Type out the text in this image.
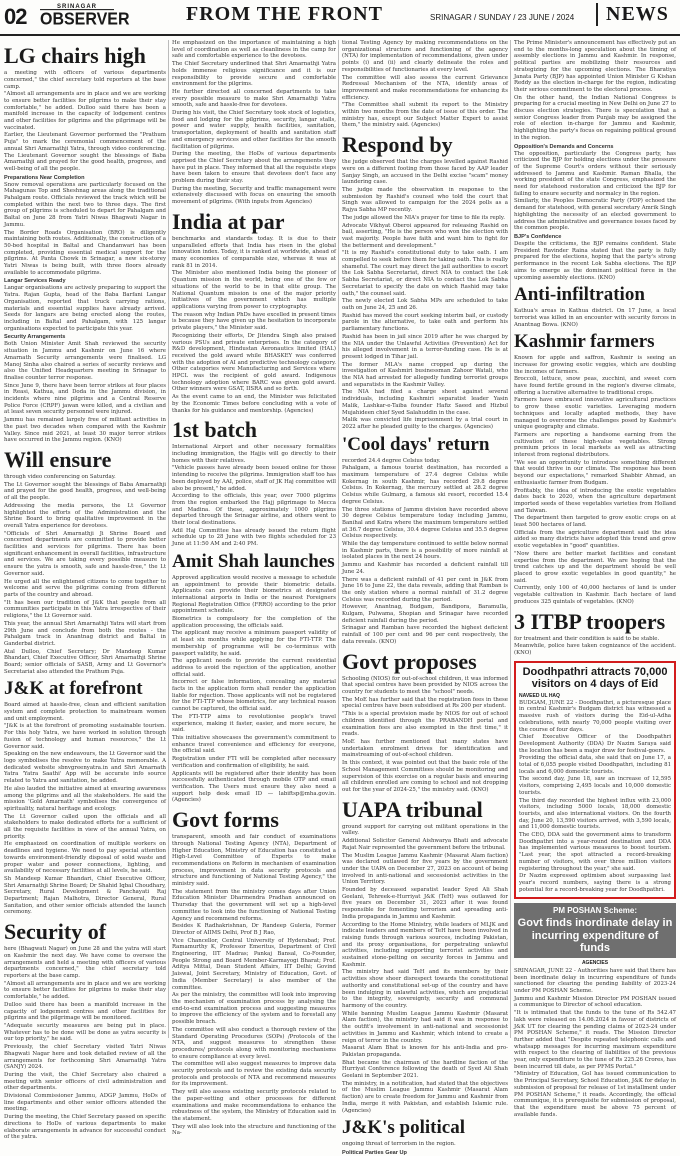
02	SRINAGAR
OBSERVER	FROM THE FRONT	SRINAGAR / SUNDAY / 23 JUNE / 2024	NEWS
LG chairs high

a meeting with officers of various departments concerned," the chief secretary told reporters at the base camp.

"Almost all arrangements are in place and we are working to ensure better facilities for pilgrims to make their stay comfortable," he added. Dulloo said there has been a manifold increase in the capacity of lodgement centres and other facilities for pilgrims and the pilgrimage will be vaccinated.

Earlier, the Lieutenant Governor performed the "Prathum Puja" to mark the ceremonial commencement of the annual Shri Amarnathji Yatra, through video conferencing. The Lieutenant Governor sought the blessings of Baba Amarnathji and prayed for the good health, progress, and well-being of all the people.

Preparations Near Completion

Snow removal operations are particularly focused on the Mahagunas Top and Sheshnag areas along the traditional Pahalgam route. Officials reviewed the track which will be completed within the next two to three days. The first group of pilgrims is scheduled to depart for Pahalgam and Baltal on June 28 from Yatri Niwas Bhagwati Nagar in Jammu.

The Border Roads Organisation (BRO) is diligently maintaining both routes. Additionally, the construction of a 50-bed hospital in Baltal and Chandanwari has been completed, providing essential medical support for the pilgrims. At Panta Chowk in Srinagar, a new six-storey Yatri Niwas is being built, with three floors already available to accommodate pilgrims.

Langar Services Ready

Langar organisations are actively preparing to support the Yatra. Rajan Gupta, head of the Baba Barfani Langar Organisation, reported that truck carrying rations, materials and essential supplies have already arrived. Seeds for langars are being erected along the routes, including in Baltal and Pahalgam, with 125 langar organisations expected to participate this year.

Security Arrangements

Both Union Minister Amit Shah reviewed the security situation in Jammu and Kashmir on June 16 where Amarnath Security arrangements were finalised. LG Manoj Sinha also chaired a series of security reviews and also the Unified Headquarters meeting in Srinagar to finalise counter terror response.

Since June 9, there have been terror strikes at four places in Reasi, Kathua, and Doda in the Jammu division, in incidents where nine pilgrims and a Central Reserve Police Force (CRPF) jawan were killed, and a civilian and at least seven security personnel were injured.

Jammu has remained largely free of militant activities in the past two decades when compared with the Kashmir Valley. Since mid 2021, at least 30 major terror strikes have occurred in the Jammu region. (KNO)

Will ensure

through video conferencing on Saturday.

The Lt Governor sought the blessings of Baba Amarnathji and prayed for the good health, progress, and well-being of all the people.

Addressing the media persons, the Lt Governor highlighted the efforts of the Administration and the Shrine Board to bring qualitative improvement in the overall Yatra experience for devotees.

"Officials of Shri Amarnathji Ji Shrine Board and concerned departments are committed to provide better facilities and services for pilgrims. There has been significant enhancement in overall facilities, infrastructure and services. We are taking every possible measure to ensure the yatra is smooth, safe and hassle-free," the Lt Governor said.

He urged all the enlightened citizens to come together to welcome and serve the pilgrims coming from different parts of the country and abroad.

"It has been our tradition of J&K that people from all communities participate in this Yatra irrespective of their religions," the Lt Governor said.

This year, the annual Shri Amarnathji Yatra will start from 29th June and conclude from both the routes - the Pahalgam track in Anantnag district and Baltal in Ganderbal district.

Atal Dulloo, Chief Secretary; Dr Mandeep Kumar Bhandari, Chief Executive Officer, Shri Amarnathji Shrine Board; senior officials of SASB, Army and Lt Governor's Secretariat also attended the Prathum Puja.

J&K at forefront

Board aimed at hassle-free, clean and efficient sanitation system and complete protection to mainstream women and unit employment.

"J&K is at the forefront of promoting sustainable tourism. For this holy Yatra, we have worked in solution through fusion of technology and human resources," the Lt Governor said.

Speaking on the new endeavours, the Lt Governor said the logo symbolises the resolve to make Yatra memorable. A dedicated website sbnvgreenyatra.in and Shri Amarnath Yatra 'Yatra Saathi' App will be accurate info source related to Yatra and sanitation, he added.

He also lauded the initiative aimed at ensuring awareness among the pilgrims and all the stakeholders. He said the mission 'Gold Amarnath' symbolises the convergence of spirituality, natural heritage and ecology.

The Lt Governor called upon the officials and all stakeholders to make dedicated efforts for a sufficient of all the requisite facilities in view of the annual Yatra, on priority.

He emphasized on coordination of multiple workers on deadlines and hygiene. We need to pay special attention towards environment-friendly disposal of solid waste and proper water and power connections, lighting, and availability of necessary facilities at all levels, he said.

Sh Mandeep Kumar Bhandari, Chief Executive Officer, Shri Amarnathji Shrine Board; Dr Shahid Iqbal Choudhary, Secretary, Rural Development & Panchayati Raj Department; Rajan Malhotra, Director General, Rural Sanitation, and other senior officials attended the launch ceremony.

Security of

here (Bhagwati Nagar) on June 28 and the yatra will start on Kashmir the next day. We have come to oversee the arrangements and held a meeting with officers of various departments concerned," the chief secretary told reporters at the base camp.

"Almost all arrangements are in place and we are working to ensure better facilities for pilgrims to make their stay comfortable," he added.

Dulloo said there has been a manifold increase in the capacity of lodgement centres and other facilities for pilgrims and the pilgrimage will be monitored.

"Adequate security measures are being put in place. Whatever has to be done will be done as yatra security is our top priority," he said.

Previously, the chief Secretary visited Yatri Niwas Bhagwati Nagar here and took detailed review of all the arrangements for forthcoming Shri Amarnathji Yatra (SANJY) 2024.

During the visit, the Chief Secretary also chaired a meeting with senior officers of civil administration and other departments.

Divisional Commissioner Jammu, ADGP Jammu, HoDs of line departments and other senior officers attended the meeting.

During the meeting, the Chief Secretary passed on specific directions to HoDs of various departments to make elaborate arrangements in advance for successful conduct of the yatra.

He emphasized on the importance of maintaining a high level of coordination as well as cleanliness in the camp for safe and comfortable experience to the devotees.

The Chief Secretary underlined that Shri Amarnathji Yatra holds immense religious significance and it is our responsibility to provide secure and comfortable environment for the pilgrims.

He further directed all concerned departments to take every possible measure to make Shri Amarnathji Yatra smooth, safe and hassle-free for devotees.

During his visit, the Chief Secretary took stock of logistics, food and lodging for the pilgrims, security, langar stalls, power and water supply, health facilities, sanitation, transportation, deployment of health and sanitation staff and emergency services and other facilities for the smooth facilitation of pilgrims.

During the meeting, the HoDs of various departments apprised the Chief Secretary about the arrangements they have put in place. They informed that all the requisite steps have been taken to ensure that devotees don't face any problem during their stay.

During the meeting, Security and traffic management were extensively discussed with focus on ensuring the smooth movement of pilgrims. (With inputs from Agencies)

India at par

benchmarks and standards today. It is due to their unparalleled efforts that India has risen in the global innovation index. Today, it is ranked at worldwide, ahead of many economies of comparable size, whereas it was at rank 81 in 2014.

The Minister also mentioned India being the pioneer of Quantum mission in the world, being one of the few or situations of the world to be in that elite group. The National Quantum mission is one of the major priority initiatives of the government which has multiple applications varying from power to cryptography.

The reason why Indian PhDs have excelled in present times is because they have given up the hesitation to incorporate private players," the Minister said.

Recognizing their efforts, Dr Jitendra Singh also praised various PSUs and private enterprises. In the category of R&D development, Hindustan Aeronautics limited (HAL) received the gold award while BHASKEY was conferred with the adoption of AI and predictive technology category. Other categories were Manufacturing and Services where HPCL was the recipient of gold award. Indigenous technology adoption where BARC was given gold award. Other winners were GSAT, IISRA and so forth.

As the event came to an end, the Minister was felicitated by the Economic Times before concluding with a vote of thanks for his guidance and mentorship. (Agencies)

1st batch

International Airport and other necessary formalities including immigration, the Hajjis will go directly to their homes with their relatives.

"Vehicle passes have already been issued online for those intending to receive the pilgrims. Immigration staff too has been deployed by AAI, police, staff of JK Haj committee will also be present," he added.

According to the officials, this year, over 7000 pilgrims from the region embarked the Hajj pilgrimage to Mecca and Madina. Of these, approximately 1000 pilgrims departed through the Srinagar airline, and others went to their local destinations.

Adil Haj Committee has already issued the return flight schedule up to 28 June with two flights scheduled for 23 June at 11:50 AM and 2:40 PM.

Amit Shah launches

Approved application would receive a message to schedule an appointment to provide their biometric details. Applicants can provide their biometrics at designated international airports in India or the nearest Foreigners Regional Registration Office (FRRO) according to the prior appointment schedule.

Biometrics is compulsory for the completion of the application processing, the officials said.

The applicant may receive a minimum passport validity of at least six months while applying for the FTI-TTP. The membership of programme will be co-terminus with passport validity, he said.

The applicant needs to provide the current residential address to avoid the rejection of the application, another official said.

Incorrect or false information, concealing any material facts in the application form shall render the application liable for rejection. Those applicants will not be registered for the FTI-TTP whose biometrics, for any technical reason cannot be captured, the official said.

The FTI-TTP aims to revolutionise people's travel experience, making it faster, easier, and more secure, he said.

This initiative showcases the government's commitment to enhance travel convenience and efficiency for everyone, the official said.

Registration under FTI will be completed after necessary verification and confirmation of eligibility, he said.

Applicants will be registered after their identity has been successfully authenticated through mobile OTP and email verification. The Users must ensure they also need a support help desk email ID — labiftsp@mha.gov.in. (Agencies)

Govt forms

transparent, smooth and fair conduct of examinations through National Testing Agency (NTA), Department of Higher Education, Ministry of Education has constituted a High-Level Committee of Experts to make recommendations on Reform in mechanism of examination process, improvement in data security protocols and structure and functioning of National Testing Agency," the ministry said.

The statement from the ministry comes days after Union Education Minister Dharmendra Pradhan announced on Thursday that the government will set up a high-level committee to look into the functioning of National Testing Agency and recommend reforms.

Besides K Radhakrishnan, Dr Randeep Guleria, Former Director of AIIMS Delhi, Prof B J Rao,

Vice Chancellor, Central University of Hyderabad; Prof. Ramamurthy K, Professor Emeritus, Department of Civil Engineering, IIT Madras; Pankaj Bansal, Co-Founder, People Strong and Board Member-Karmayogi Bharat; Prof. Aditya Mittal, Dean Student Affairs, IIT Delhi; Govind Jaiswal, Joint Secretary, Ministry of Education, Govt. of India (Member Secretary) is also member of the committee.

As per the ministry, the committee will look into improving the mechanism of examination process by analysing the end-to-end examination process and suggesting measures to improve the efficiency of the system and to forestall any possible breach.

The committee will also conduct a thorough review of the Standard Operating Procedures (SOPs) /Protocols of the NTA, and suggest measures to strengthen these procedures/ protocols along with monitoring mechanisms to ensure compliance at every level.

The committee will also suggest measures to improve data security protocols and to review the existing data security protocols and protocols of NTA and recommend measures for its improvement.

They will also assess existing security protocols related to the paper-setting and other processes for different examinations and make recommendations to enhance the robustness of the system, the Ministry of Education said in the statement.

They will also look into the structure and functioning of the Na-

tional Testing Agency by making recommendations on the organizational structure and functioning of the agency (NTA) for implementation of recommendations, given under points (i) and (ii) and clearly delineate the roles and responsibilities of functionaries at every level.

The committee will also assess the current Grievance Redressal Mechanism of the NTA, identify areas of improvement and make recommendations for enhancing its efficiency.

"The Committee shall submit its report to the Ministry within two months from the date of issue of this order. The ministry has, except our Subject Matter Expert to assist them," the ministry said. (Agencies)

Respond by

the judge observed that the charges levelled against Rashid were on a different footing from those faced by AAP leader Sanjay Singh, an accused in the Delhi excise "scam" money laundering case.

The judge made the observation in response to the submission by Rashid's counsel who told the court that Singh was allowed to campaign for the 2024 polls as a Rajya Sabha MP recently.

The judge allowed the NIA's prayer for time to file its reply.

Advocate Vikhyat Oberoi appeared for releasing Rashid on bail, asserting, "He is the person who won the election with vast majority. People have faith and want him to fight for the betterment and development."

"It is my Rashid's constitutional duty to take oath. I am compelled to seek before them for taking oath. This is really shameful. The court may direct the jail authorities to escort the Lok Sabha Secretariat, direct NIA to contact the Lok Sabha Secretariat, or direct NIA to contact the Lok Sabha Secretariat to specify the date on which Rashid may take oath," the counsel said.

The newly elected Lok Sabha MPs are scheduled to take oath on June 24, 25 and 26.

Rashid has moved the court seeking interim bail, or custody parole in the alternative, to take oath and perform his parliamentary functions.

Rashid has been in jail since 2019 after he was charged by the NIA under the Unlawful Activities (Prevention) Act for his alleged involvement in a terror-funding case. He is at present lodged in Tihar jail.

The former MLA's name cropped up during the investigation of Kashmiri businessman Zahoor Watali, who the NIA had arrested for allegedly funding terrorist groups and separatists in the Kashmir Valley.

The NIA had filed a charge sheet against several individuals, including Kashmiri separatist leader Yasin Malik, Lashkar-e-Taiba founder Hafiz Saeed and Hizbul Mujahideen chief Syed Salahuddin in the case.

Malik was convicted life imprisonment by a trial court in 2022 after he pleaded guilty to the charges. (Agencies)

'Cool days' return

recorded 24.4 degree Celsius today.

Pahalgam, a famous tourist destination, has recorded a maximum temperature of 27.4 degree Celsius while Kokernag in south Kashmir, has recorded 29.8 degree Celsius. In Kokernag, the mercury settled at 28.2 degree Celsius while Gulmarg, a famous ski resort, recorded 15.4 degree Celsius.

The three stations of Jammu division have recorded above 30 degree Celsius temperature today including Jammu, Banihal and Katra where the maximum temperature settled at 36.7 degree Celsius, 30.4 degree Celsius and 35.5 degree Celsius respectively.

While the day temperature continued to settle below normal in Kashmir parts, there is a possibility of more rainfall at isolated places in the next 24 hours.

Jammu and Kashmir has recorded a deficient rainfall till June 24.

There was a deficient rainfall of 41 per cent in J&K from June 16 to June 22, the data reveals, adding that Ramban is the only station where a normal rainfall of 31.2 degree Celsius was recorded during the period.

However, Anantnag, Budgam, Bandipora, Baramulla, Kulgam, Pulwama, Shopian and Srinagar have recorded deficient rainfall during the period.

Srinagar and Ramban have recorded the highest deficient rainfall of 100 per cent and 96 per cent respectively, the data reveals. (KNO)

Govt proposes

Schooling (NIOS) for out-of-school children, it was informed that special centres have been provided by NIOS across the country for students to meet the "school" needs.

The MoE has further said that the registration fees in these special centres have been subsidised at Rs 200 per student.

"This is a special provision made by NIOS for out of school children identified through the PRABANDH portal and examination fees are also exempted in the first time," it reads.

MoE has further mentioned that many states have undertaken enrolment drives for identification and mainstreaming of out-of-school children.

In this context, it was pointed out that the basic role of the School Management Committees should be monitoring and supervision of this exercise on a regular basis and ensuring all children enrolled are coming to school and not dropping out for the year of 2024-25," the ministry said. (KNO)

UAPA tribunal

ground support for carrying out militant operations in the valley.

Additional Solicitor General Aishwarya Bhati and advocate Rajat Nair represented the government before the tribunal.

The Muslim League Jammu Kashmir (Masarat Alam faction) was declared outlawed for five years by the government under the UAPA on December 27, 2023 on account of being involved in anti-national and secessionist activities in the Union Territory.

Founded by deceased separatist leader Syed Ali Shah Geelani, Tehreek-e-Hurriyat J&K (TeH) was outlawed for five years on December 31, 2023 after it was found responsible for fomenting terrorism and spreading anti-India propaganda in Jammu and Kashmir.

According to the Home Ministry, while leaders of MLJK and indicate leaders and members of TeH have been involved in raising funds through various sources, including Pakistan, and its proxy organisations, for perpetrating unlawful activities, including supporting terrorist activities and sustained stone-pelting on security forces in Jammu and Kashmir.

The ministry had said TeH and its members by their activities show sheer disrespect towards the constitutional authority and constitutional set-up of the country and have been indulging in unlawful activities, which are prejudicial to the integrity, sovereignty, security and communal harmony of the country.

While banning Muslim League Jammu Kashmir (Masarat Alam faction), the ministry had said it was in response to the outfit's involvement in anti-national and secessionist activities in Jammu and Kashmir, which intend to create a reign of terror in the country.

Masarat Alam Bhat is known for his anti-India and pro-Pakistan propaganda.

Bhat became the chairman of the hardline faction of the Hurriyat Conference following the death of Syed Ali Shah Geelani in September 2021.

The ministry, in a notification, had stated that the objectives of the Muslim League Jammu Kashmir (Masarat Alam faction) are to create freedom for Jammu and Kashmir from India, merge it with Pakistan, and establish Islamic rule. (Agencies)

J&K's political

ongoing threat of terrorism in the region.

Political Parties Gear Up

The Prime Minister's announcement has effectively put an end to the months-long speculation about the timing of assembly elections in Jammu and Kashmir. In response, political parties are mobilizing their resources and strategizing for the upcoming elections. The Bharatiya Janata Party (BJP) has appointed Union Minister G Kishan Reddy as the election in-charge for the region, indicating their serious commitment to the electoral process.

On the other hand, the Indian National Congress is preparing for a crucial meeting in New Delhi on June 27 to discuss election strategies. There is speculation that a senior Congress leader from Punjab may be assigned the role of election in-charge for Jammu and Kashmir, highlighting the party's focus on regaining political ground in the region.

Opposition's Demands and Concerns

The opposition, particularly the Congress party, has criticized the BJP for holding elections under the pressure of the Supreme Court's orders without their seriously addressed to Jammu and Kashmir. Raman Bhalla, the working president of the state Congress, emphasized the need for statehood restoration and criticized the BJP for failing to ensure security and normalcy in the region.

Similarly, the Peoples Democratic Party (PDP) echoed the demand for statehood, with general secretary Amrik Singh highlighting the necessity of an elected government to address the administrative and governance issues faced by the common people.

BJP's Confidence

Despite the criticisms, the BJP remains confident. State President Ravinder Raina stated that the party is fully prepared for the elections, hoping that the party's strong performance in the recent Lok Sabha elections. The BJP aims to emerge as the dominant political force in the upcoming assembly elections. (KNO)

Anti-infiltration

Kathua's areas in Kathua district. On 17 June, a local terrorist was killed in an encounter with security forces in Anantnag Bowa. (KNO)

Kashmir farmers

Known for apple and saffron, Kashmir is seeing an increase for growing exotic veggies, which are doubling the incomes of farmers.

Broccoli, lettuce, snow peas, zucchini, and sweet corn have found fertile ground in the region's diverse climate, offering a lucrative alternative to traditional crops.

Farmers have embraced innovative agricultural practices to grow these exotic varieties. Leveraging modern techniques and locally adapted methods, they have managed to overcome the challenges posed by Kashmir's unique geography and climate.

Farmers are reporting a handsome earning from the cultivation of these high-value vegetables. Strong premium prices in local markets as well as attracting interest from regional distributors.

"We see an opportunity to introduce something different that would thrive in our climate. The response has been beyond our expectations," remarked Shabbir Ahmad, an enthusiastic farmer from Budgam.

Profitably, the idea of introducing the exotic vegetables dates back to 2020, when the agriculture department imported seeds of these vegetables varieties from Holland and Taiwan.

The department then targeted to grow exotic crops on at least 500 hectares of land.

Officials from the agriculture department said the idea aided so many districts have adopted this trend and grow exotic vegetables in "good" quantities.

"Now there are better market facilities and constant expertise from the department. We are hoping that the trend catches up and the department should be well placed to grow exotic vegetables in good quantity," he said.

Currently, only 100 of 40,000 hectares of land is under vegetable cultivation in Kashmir. Each hectare of land produces 325 quintals of vegetables. (KNO)

3 ITBP troopers

for treatment and their condition is said to be stable.

Meanwhile, police have taken cognizance of the accident. (KNO)

Doodhpathri attracts 70,000 visitors on 4 days of Eid
NAVEED UL HAQ

BUDGAM, JUNE 22 - Doodhpathri, a picturesque place in central Kashmir's Budgam district has witnessed a massive rush of visitors during the Eid-ul-Adha celebrations, with nearly 70,000 people visiting over the course of four days.

Chief Executive Officer of the Doodhpathri Development Authority (DDA) Dr Nazim Saraya said the location has been a major draw for festival-goers.

Providing the official data, she said that on June 17, a total of 6,055 people visited Doodhpathri, including 81 locals and 6,000 domestic tourists.

The second day, June 18, saw an increase of 12,595 visitors, comprising 2,495 locals and 10,000 domestic tourists.

The third day recorded the highest influx with 23,000 visitors, including 5000 locals, 18,000 domestic tourists, and also international visitors. On the fourth day, June 20, 13,590 visitors arrived, with 3,590 locals, and 11,000 domestic tourists.

The CEO, DDA said the government aims to transform Doodhpathri into a year-round destination and DDA has implemented various measures to boost tourism. "Last year, the spot attracted a record-breaking number of visitors, with over three million visitors registering throughout the year," she said.

Dr Nazim expressed optimism about surpassing last year's record numbers, saying there is a strong potential for a record-breaking year for Doodhpathri.

PM POSHAN Scheme:
Govt finds inordinate delay in incurring expenditure of funds
AGENCIES

SRINAGAR, JUNE 22 - Authorities have said that there has been inordinate delay in incurring expenditure of funds sanctioned for clearing the pending liability of 2023-24 under PM POSHAN Scheme.

Jammu and Kashmir Mission Director PM POSHAN issued a communique to Director of school education.

"It is intimated that the funds to the tune of Rs 542.47 lakh were released on 14.06.2024 in favour of districts of J&K UT for clearing the pending claims of 2023-24 under PM POSHAN Scheme," it reads. The Mission Director further added that "Despite repeated telephonic calls and whatsapp messages for incurring maximum expenditure with respect to the clearing of liabilities of the previous year, only expenditure to the tune of Rs 225.26 Crores, has been incurred till date, as per PFMS Portal."

"Ministry of Education, GoI has issued communication to the Principal Secretary, School Education, J&K for delay in submission of proposal for release of 1st installment under PM POSHAN Scheme," it reads. Accordingly, the official communique, it is prerequisite for submission of proposal, that the expenditure must be above 75 percent of available funds.
